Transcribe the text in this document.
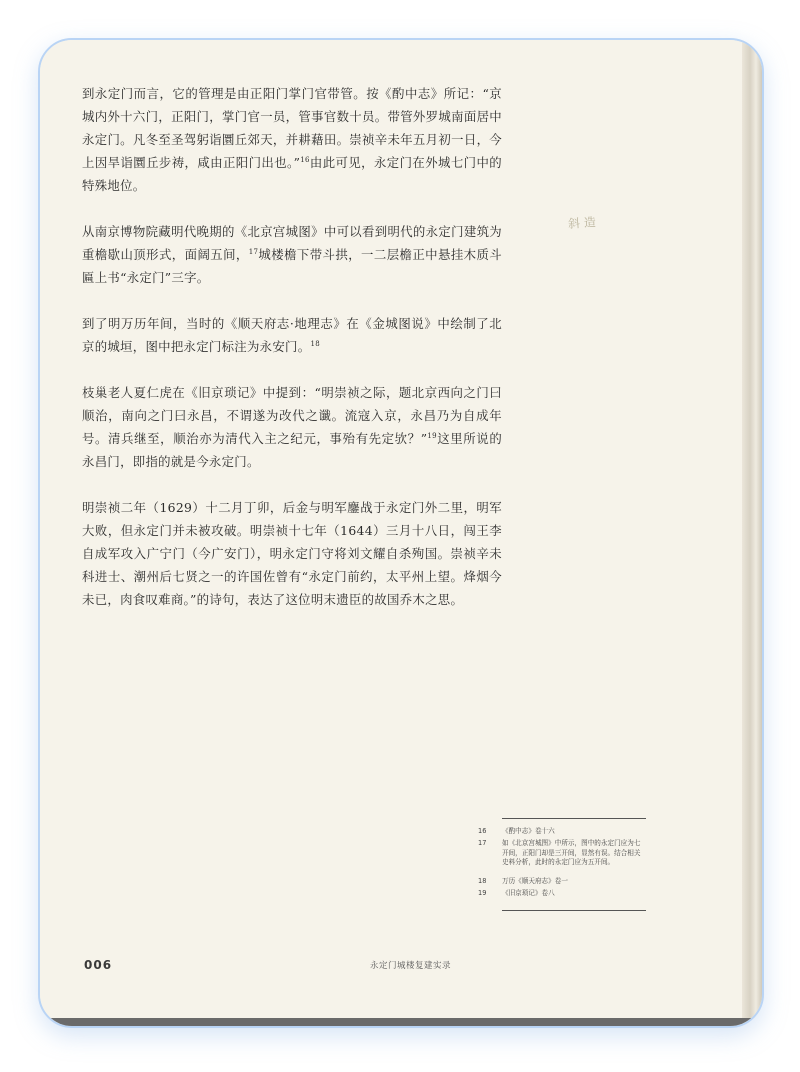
到永定门而言，它的管理是由正阳门掌门官带管。按《酌中志》所记：“京城内外十六门，正阳门，掌门官一员，管事官数十员。带管外罗城南面居中永定门。凡冬至圣驾躬诣圜丘郊天，并耕藉田。崇祯辛未年五月初一日，今上因旱诣圜丘步祷，咸由正阳门出也。”$^{16}$由此可见，永定门在外城七门中的特殊地位。

从南京博物院藏明代晚期的《北京宫城图》中可以看到明代的永定门建筑为重檐歇山顶形式，面阔五间，$^{17}$城楼檐下带斗拱，一二层檐正中悬挂木质斗匾上书“永定门”三字。

到了明万历年间，当时的《顺天府志·地理志》在《金城图说》中绘制了北京的城垣，图中把永定门标注为永安门。$^{18}$

枝巢老人夏仁虎在《旧京琐记》中提到：“明崇祯之际，题北京西向之门曰顺治，南向之门曰永昌，不谓遂为改代之谶。流寇入京，永昌乃为自成年号。清兵继至，顺治亦为清代入主之纪元，事殆有先定欤？”$^{19}$这里所说的永昌门，即指的就是今永定门。

明崇祯二年（1629）十二月丁卯，后金与明军鏖战于永定门外二里，明军大败，但永定门并未被攻破。明崇祯十七年（1644）三月十八日，闯王李自成军攻入广宁门（今广安门），明永定门守将刘文耀自杀殉国。崇祯辛未科进士、潮州后七贤之一的许国佐曾有“永定门前约，太平州上望。烽烟今未已，肉食叹难商。”的诗句，表达了这位明末遗臣的故国乔木之思。

斜 造
16	《酌中志》卷十六
17	如《北京宫城图》中所示，图中的永定门应为七开间，正阳门却是三开间，显然有误。结合相关史料分析，此时的永定门应为五开间。
18	万历《顺天府志》卷一
19	《旧京琐记》卷八
006	永定门城楼复建实录
